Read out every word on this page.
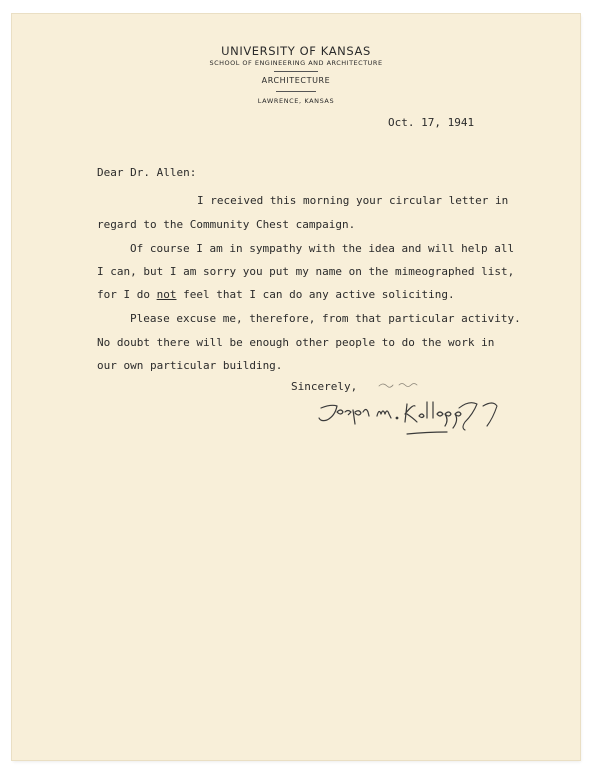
UNIVERSITY OF KANSAS
SCHOOL OF ENGINEERING AND ARCHITECTURE
ARCHITECTURE
LAWRENCE, KANSAS
Oct. 17, 1941
Dear Dr. Allen:
I received this morning your circular letter in
regard to the Community Chest campaign.
Of course I am in sympathy with the idea and will help all
I can, but I am sorry you put my name on the mimeographed list,
for I do not feel that I can do any active soliciting.
Please excuse me, therefore, from that particular activity.
No doubt there will be enough other people to do the work in
our own particular building.
Sincerely,
